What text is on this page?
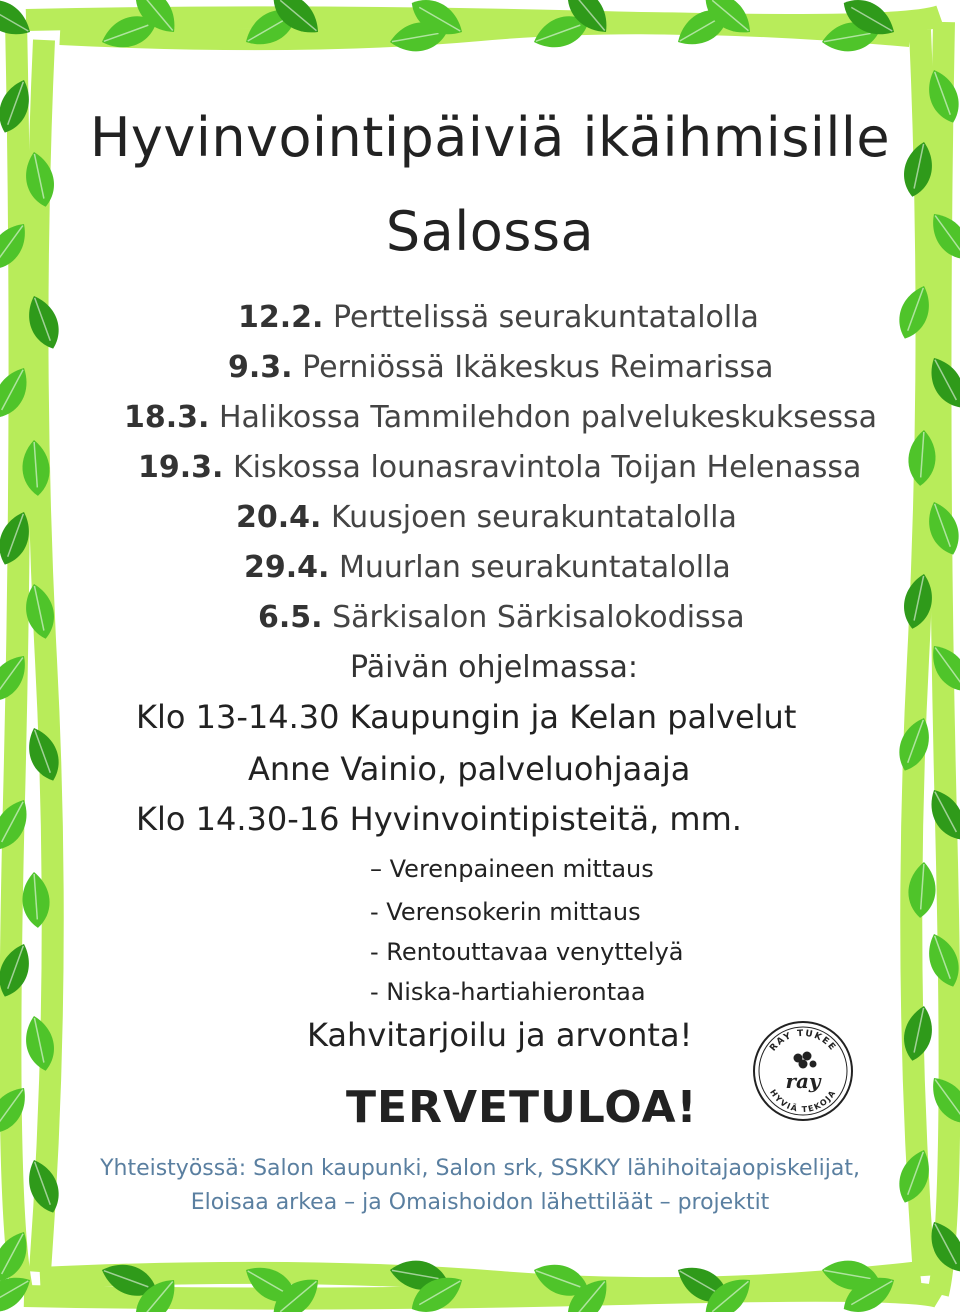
Hyvinvointipäiviä ikäihmisille
Salossa
12.2. Perttelissä seurakuntatalolla
9.3. Perniössä Ikäkeskus Reimarissa
18.3. Halikossa Tammilehdon palvelukeskuksessa
19.3. Kiskossa lounasravintola Toijan Helenassa
20.4. Kuusjoen seurakuntatalolla
29.4. Muurlan seurakuntatalolla
6.5. Särkisalon Särkisalokodissa
Päivän ohjelmassa:
Klo 13-14.30 Kaupungin ja Kelan palvelut
Anne Vainio, palveluohjaaja
Klo 14.30-16 Hyvinvointipisteitä, mm.
– Verenpaineen mittaus
- Verensokerin mittaus
- Rentouttavaa venyttelyä
- Niska-hartiahierontaa
Kahvitarjoilu ja arvonta!
TERVETULOA!
RAY TUKEE
HYVIÄ TEKOJA
ray
Yhteistyössä: Salon kaupunki, Salon srk, SSKKY lähihoitajaopiskelijat,
Eloisaa arkea – ja Omaishoidon lähettiläät – projektit
